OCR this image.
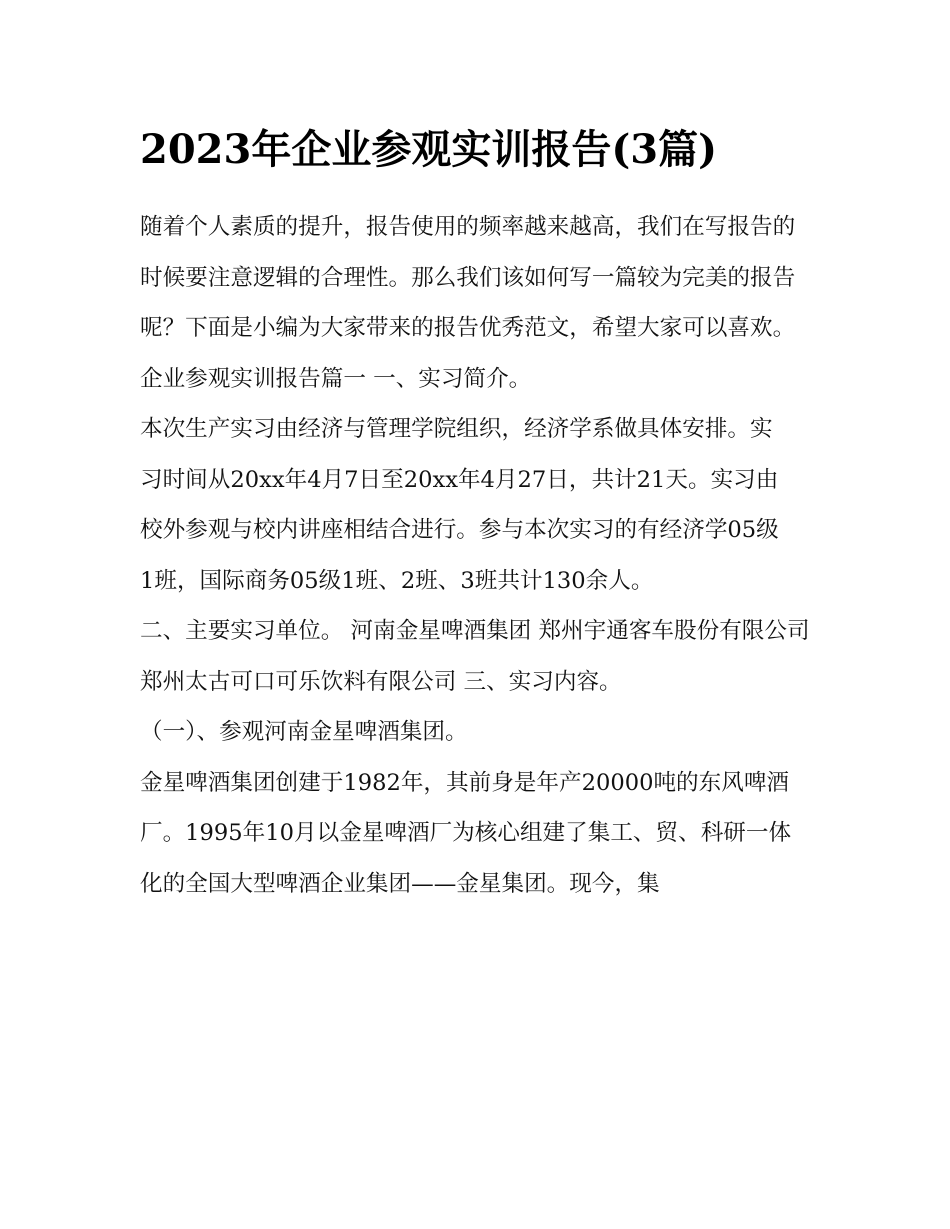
2023年企业参观实训报告(3篇)

随着个人素质的提升，报告使用的频率越来越高，我们在写报告的时候要注意逻辑的合理性。那么我们该如何写一篇较为完美的报告呢？下面是小编为大家带来的报告优秀范文，希望大家可以喜欢。

企业参观实训报告篇一 一、实习简介。

本次生产实习由经济与管理学院组织，经济学系做具体安排。实习时间从20xx年4月7日至20xx年4月27日，共计21天。实习由校外参观与校内讲座相结合进行。参与本次实习的有经济学05级1班，国际商务05级1班、2班、3班共计130余人。

二、主要实习单位。 河南金星啤酒集团 郑州宇通客车股份有限公司 郑州太古可口可乐饮料有限公司 三、实习内容。

（一）、参观河南金星啤酒集团。

金星啤酒集团创建于1982年，其前身是年产20000吨的东风啤酒厂。1995年10月以金星啤酒厂为核心组建了集工、贸、科研一体化的全国大型啤酒企业集团——金星集团。现今，集
